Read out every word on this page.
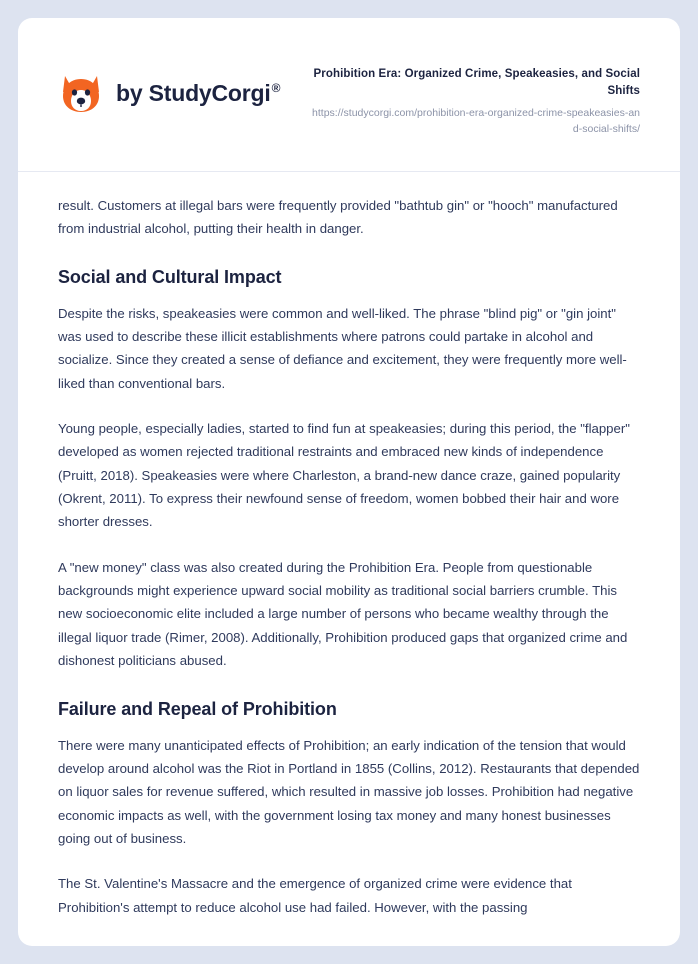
by StudyCorgi®
Prohibition Era: Organized Crime, Speakeasies, and Social Shifts
https://studycorgi.com/prohibition-era-organized-crime-speakeasies-and-social-shifts/

result. Customers at illegal bars were frequently provided "bathtub gin" or "hooch" manufactured from industrial alcohol, putting their health in danger.

Social and Cultural Impact

Despite the risks, speakeasies were common and well-liked. The phrase "blind pig" or "gin joint" was used to describe these illicit establishments where patrons could partake in alcohol and socialize. Since they created a sense of defiance and excitement, they were frequently more well-liked than conventional bars.

Young people, especially ladies, started to find fun at speakeasies; during this period, the "flapper" developed as women rejected traditional restraints and embraced new kinds of independence (Pruitt, 2018). Speakeasies were where Charleston, a brand-new dance craze, gained popularity (Okrent, 2011). To express their newfound sense of freedom, women bobbed their hair and wore shorter dresses.

A "new money" class was also created during the Prohibition Era. People from questionable backgrounds might experience upward social mobility as traditional social barriers crumble. This new socioeconomic elite included a large number of persons who became wealthy through the illegal liquor trade (Rimer, 2008). Additionally, Prohibition produced gaps that organized crime and dishonest politicians abused.

Failure and Repeal of Prohibition

There were many unanticipated effects of Prohibition; an early indication of the tension that would develop around alcohol was the Riot in Portland in 1855 (Collins, 2012). Restaurants that depended on liquor sales for revenue suffered, which resulted in massive job losses. Prohibition had negative economic impacts as well, with the government losing tax money and many honest businesses going out of business.

The St. Valentine's Massacre and the emergence of organized crime were evidence that Prohibition's attempt to reduce alcohol use had failed. However, with the passing
